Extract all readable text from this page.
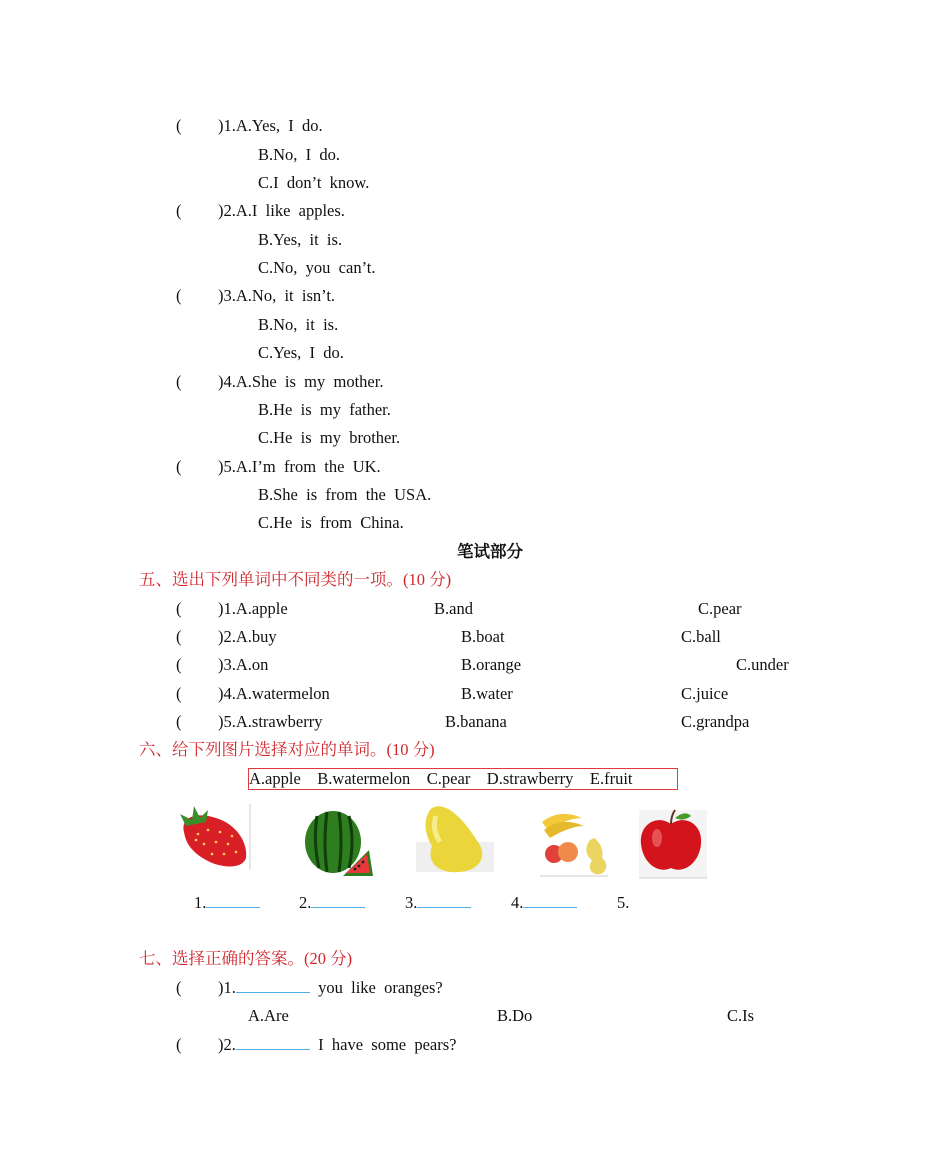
( )1.A.Yes,  I  do.
B.No,  I  do.
C.I  don’t  know.
( )2.A.I  like  apples.
B.Yes,  it  is.
C.No,  you  can’t.
( )3.A.No,  it  isn’t.
B.No,  it  is.
C.Yes,  I  do.
( )4.A.She  is  my  mother.
B.He  is  my  father.
C.He  is  my  brother.
( )5.A.I’m  from  the  UK.
B.She  is  from  the  USA.
C.He  is  from  China.
笔试部分
五、选出下列单词中不同类的一项。(10 分)
( )1.A.apple	B.and	C.pear
( )2.A.buy	B.boat	C.ball
( )3.A.on	B.orange	C.under
( )4.A.watermelon	B.water	C.juice
( )5.A.strawberry	B.banana	C.grandpa
六、给下列图片选择对应的单词。(10 分)
A.apple    B.watermelon    C.pear    D.strawberry    E.fruit
1.	2.	3.	4.	5.
七、选择正确的答案。(20 分)
( )1.	you  like  oranges?
A.Are	B.Do	C.Is
( )2.	I  have  some  pears?
